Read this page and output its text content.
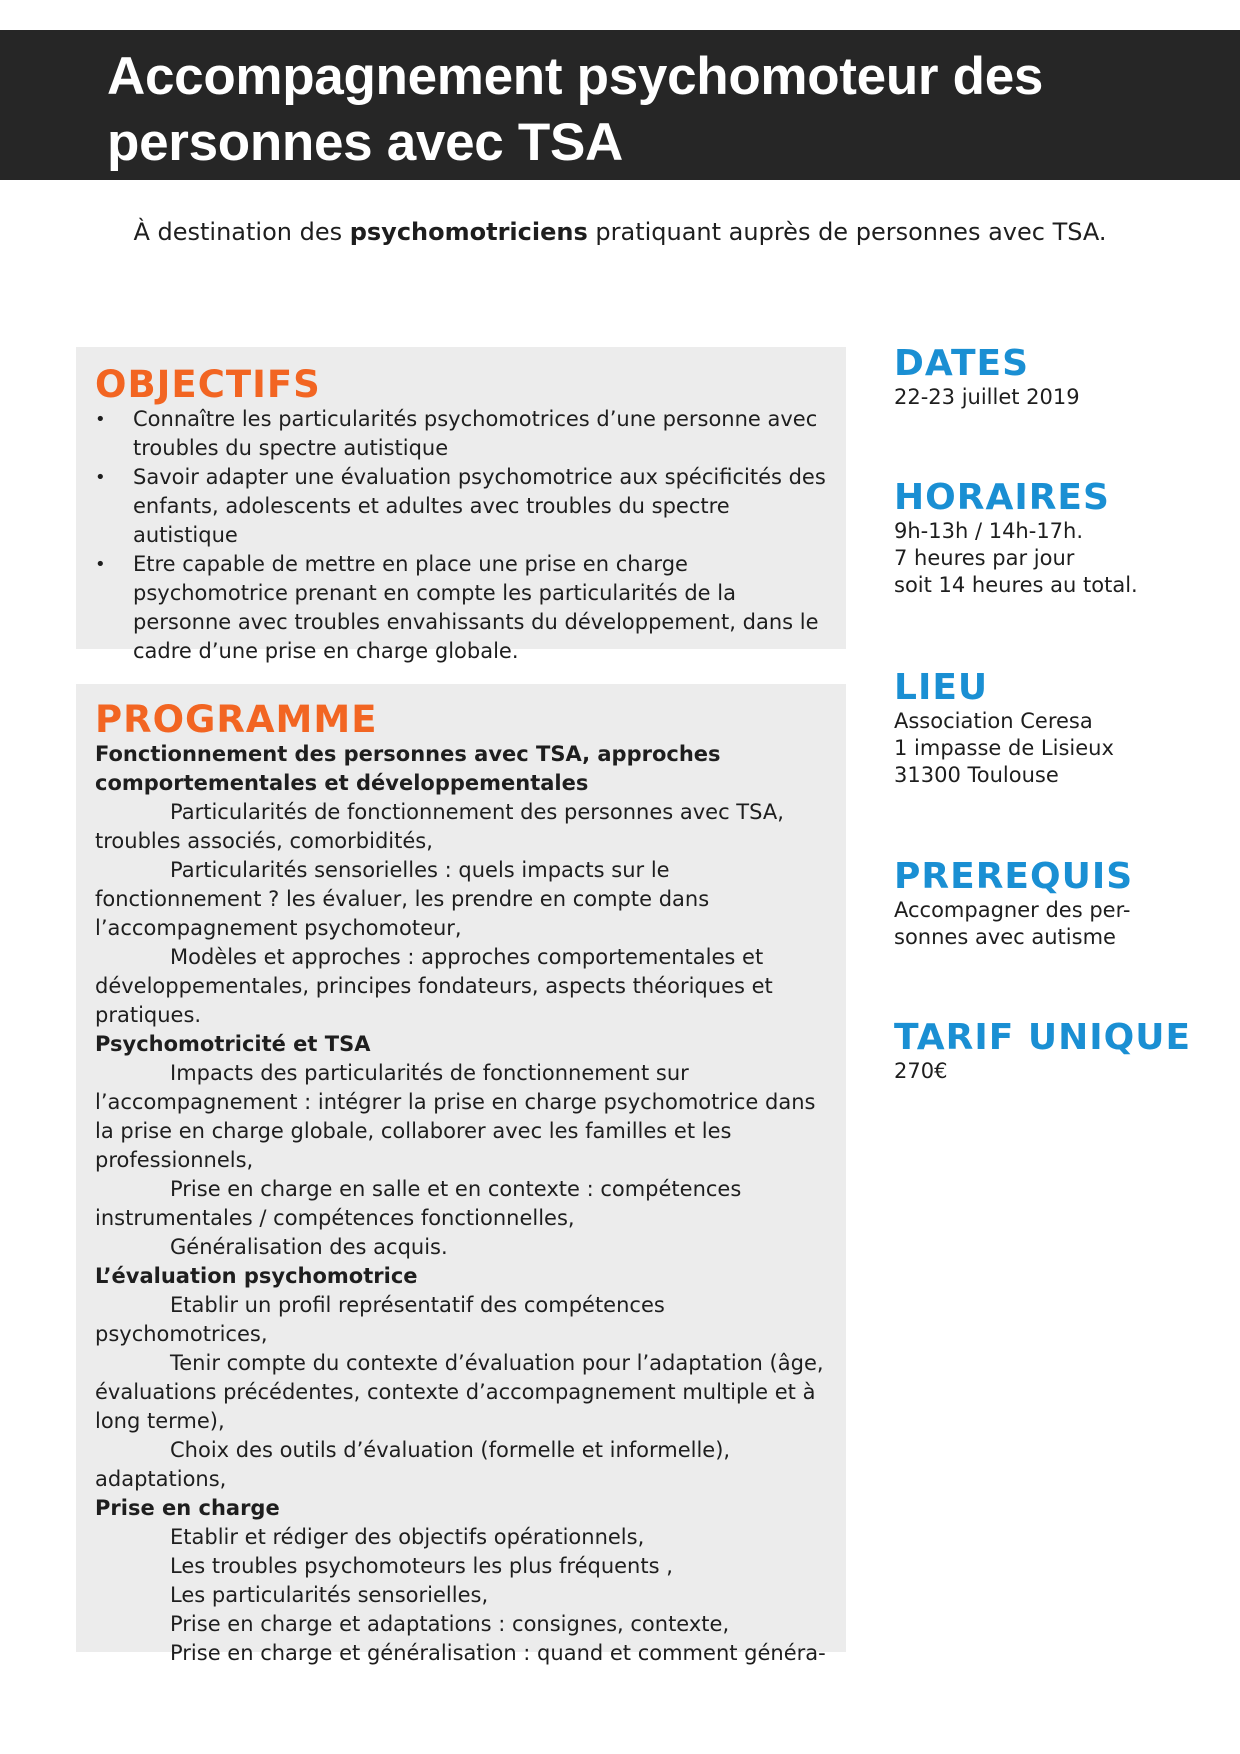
Accompagnement psychomoteur des personnes avec TSA

À destination des psychomotriciens pratiquant auprès de personnes avec TSA.

OBJECTIFS
• Connaître les particularités psychomotrices d’une personne avec troubles du spectre autistique
• Savoir adapter une évaluation psychomotrice aux spécificités des enfants, adolescents et adultes avec troubles du spectre autistique
• Etre capable de mettre en place une prise en charge psychomotrice prenant en compte les particularités de la personne avec troubles envahissants du développement, dans le cadre d’une prise en charge globale.
PROGRAMME
Fonctionnement des personnes avec TSA, approches comportementales et développementales
Particularités de fonctionnement des personnes avec TSA, troubles associés, comorbidités,
Particularités sensorielles : quels impacts sur le fonctionnement ? les évaluer, les prendre en compte dans l’accompagnement psychomoteur,
Modèles et approches : approches comportementales et développementales, principes fondateurs, aspects théoriques et pratiques.
Psychomotricité et TSA
Impacts des particularités de fonctionnement sur l’accompagnement : intégrer la prise en charge psychomotrice dans la prise en charge globale, collaborer avec les familles et les professionnels,
Prise en charge en salle et en contexte : compétences instrumentales / compétences fonctionnelles,
Généralisation des acquis.
L’évaluation psychomotrice
Etablir un profil représentatif des compétences psychomotrices,
Tenir compte du contexte d’évaluation pour l’adaptation (âge, évaluations précédentes, contexte d’accompagnement multiple et à long terme),
Choix des outils d’évaluation (formelle et informelle), adaptations,
Prise en charge
Etablir et rédiger des objectifs opérationnels,
Les troubles psychomoteurs les plus fréquents ,
Les particularités sensorielles,
Prise en charge et adaptations : consignes, contexte,
Prise en charge et généralisation : quand et comment généra-
DATES

22-23 juillet 2019

HORAIRES

9h-13h / 14h-17h.
7 heures par jour
soit 14 heures au total.

LIEU

Association Ceresa
1 impasse de Lisieux
31300 Toulouse

PREREQUIS

Accompagner des per-
sonnes avec autisme

TARIF UNIQUE

270€
